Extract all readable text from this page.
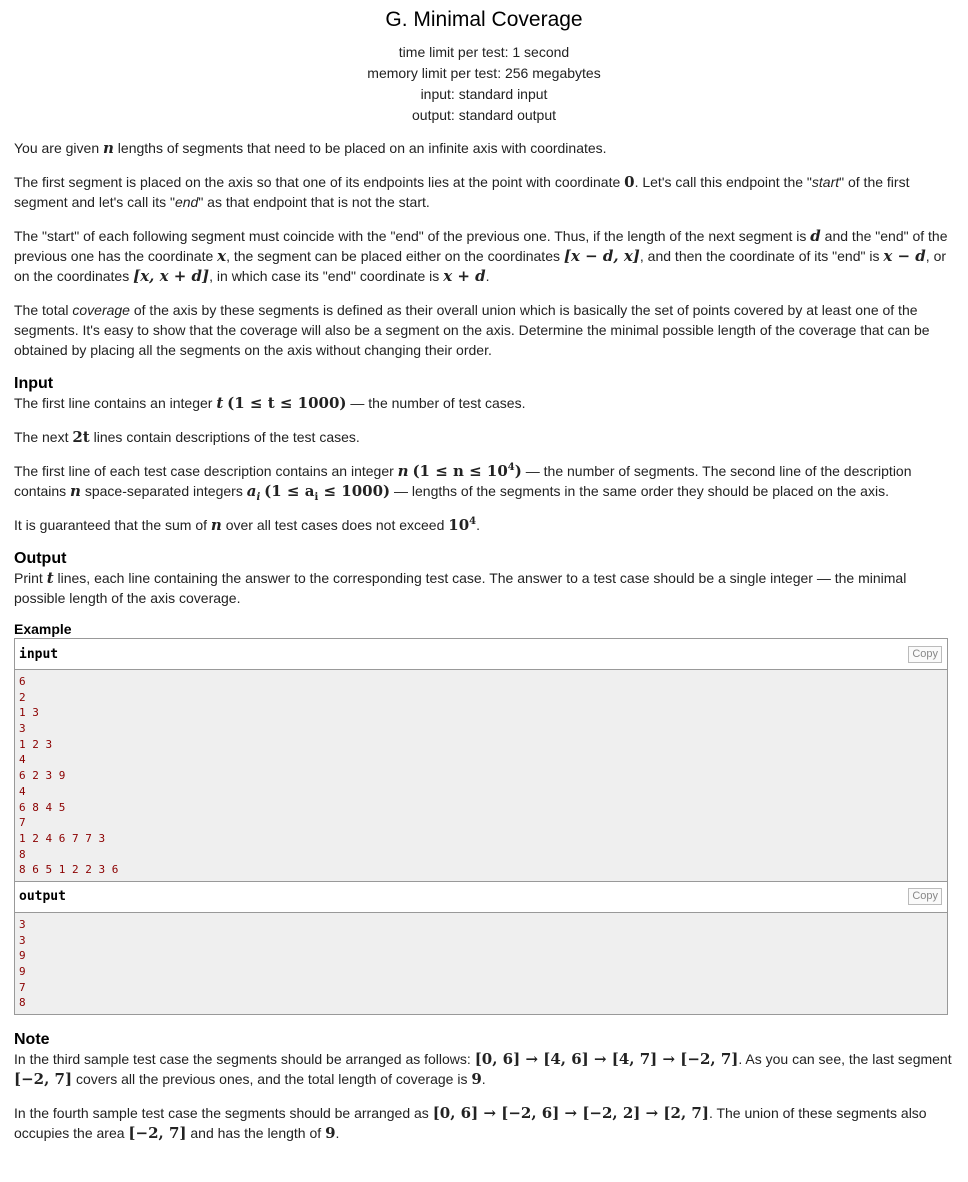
G. Minimal Coverage
time limit per test: 1 second
memory limit per test: 256 megabytes
input: standard input
output: standard output

You are given n lengths of segments that need to be placed on an infinite axis with coordinates.

The first segment is placed on the axis so that one of its endpoints lies at the point with coordinate 0. Let's call this endpoint the "start" of the first segment and let's call its "end" as that endpoint that is not the start.

The "start" of each following segment must coincide with the "end" of the previous one. Thus, if the length of the next segment is d and the "end" of the previous one has the coordinate x, the segment can be placed either on the coordinates [x − d, x], and then the coordinate of its "end" is x − d, or on the coordinates [x, x + d], in which case its "end" coordinate is x + d.

The total coverage of the axis by these segments is defined as their overall union which is basically the set of points covered by at least one of the segments. It's easy to show that the coverage will also be a segment on the axis. Determine the minimal possible length of the coverage that can be obtained by placing all the segments on the axis without changing their order.

Input

The first line contains an integer t (1 ≤ t ≤ 1000) — the number of test cases.

The next 2t lines contain descriptions of the test cases.

The first line of each test case description contains an integer n $(1 \le n \le 10^4)$ — the number of segments. The second line of the description contains n space-separated integers $a_i$ $(1 \le a_i \le 1000)$ — lengths of the segments in the same order they should be placed on the axis.

It is guaranteed that the sum of n over all test cases does not exceed $10^4$.

Output

Print t lines, each line containing the answer to the corresponding test case. The answer to a test case should be a single integer — the minimal possible length of the axis coverage.

Example
input	Copy
6
2
1 3
3
1 2 3
4
6 2 3 9
4
6 8 4 5
7
1 2 4 6 7 7 3
8
8 6 5 1 2 2 3 6
output	Copy
3
3
9
9
7
8
Note

In the third sample test case the segments should be arranged as follows: [0, 6] → [4, 6] → [4, 7] → [−2, 7]. As you can see, the last segment [−2, 7] covers all the previous ones, and the total length of coverage is 9.

In the fourth sample test case the segments should be arranged as [0, 6] → [−2, 6] → [−2, 2] → [2, 7]. The union of these segments also occupies the area [−2, 7] and has the length of 9.
